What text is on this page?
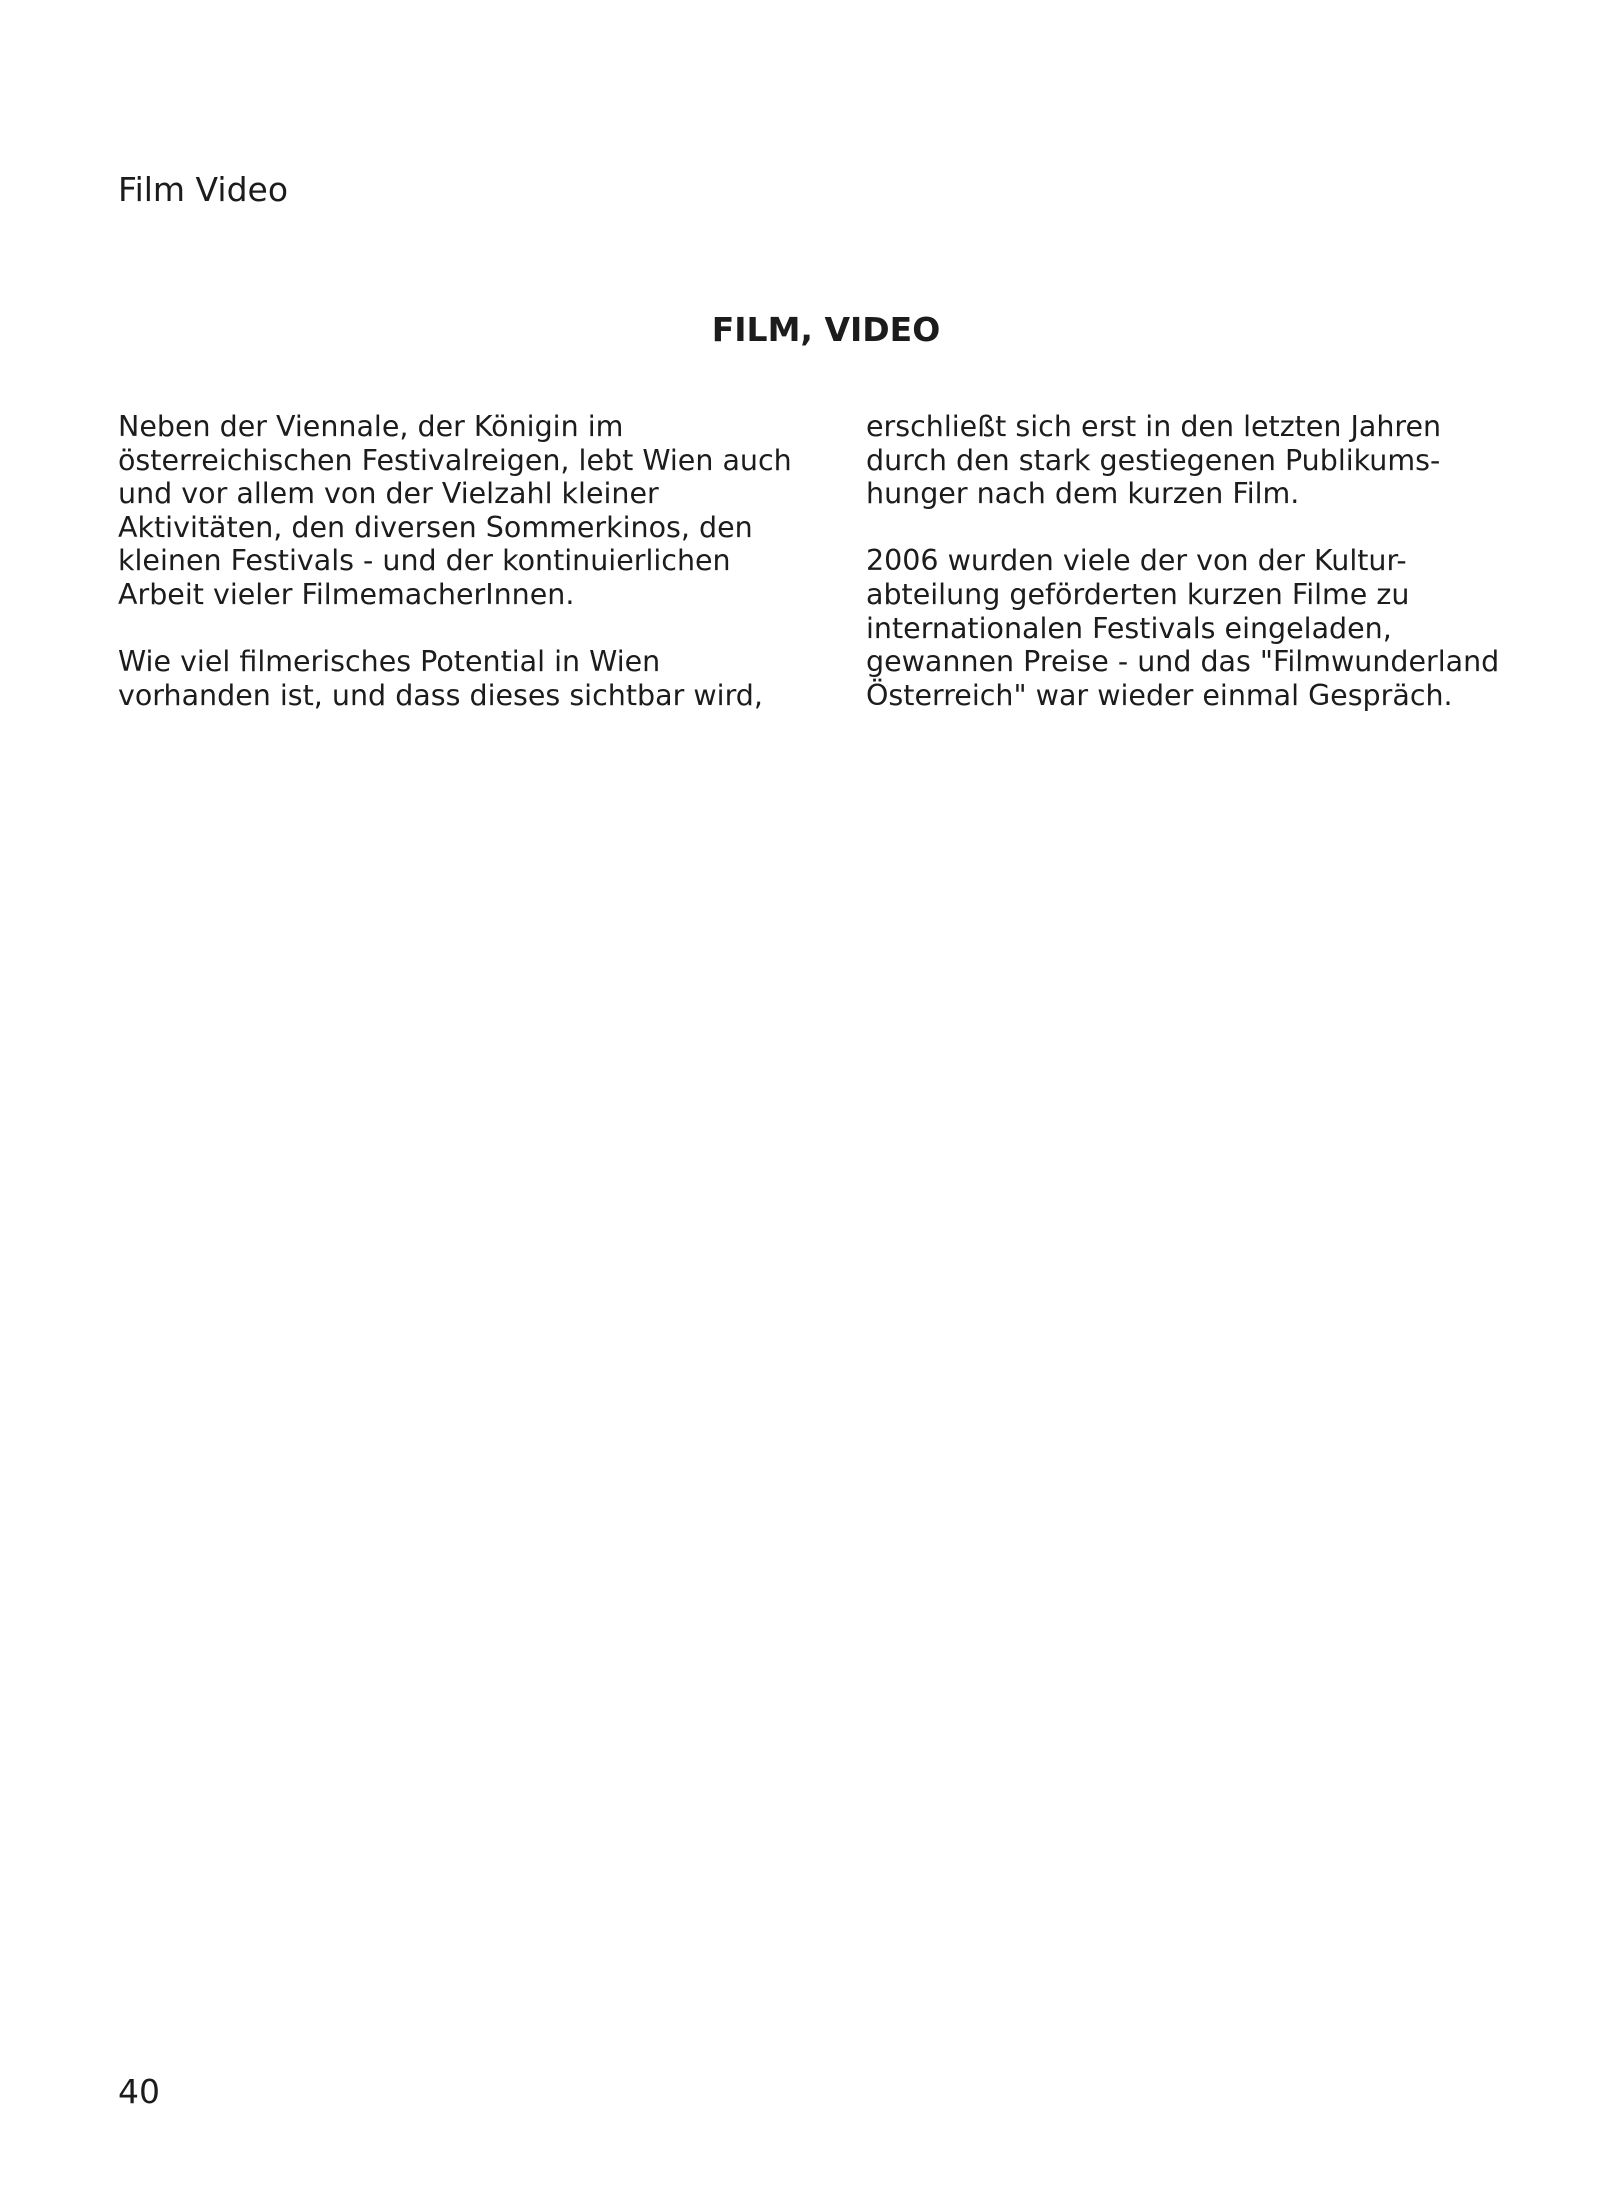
Film Video
FILM, VIDEO
Neben der Viennale, der Königin im
österreichischen Festivalreigen, lebt Wien auch
und vor allem von der Vielzahl kleiner
Aktivitäten, den diversen Sommerkinos, den
kleinen Festivals - und der kontinuierlichen
Arbeit vieler FilmemacherInnen.
Wie viel filmerisches Potential in Wien
vorhanden ist, und dass dieses sichtbar wird,
erschließt sich erst in den letzten Jahren
durch den stark gestiegenen Publikums-
hunger nach dem kurzen Film.
2006 wurden viele der von der Kultur-
abteilung geförderten kurzen Filme zu
internationalen Festivals eingeladen,
gewannen Preise - und das "Filmwunderland
Österreich" war wieder einmal Gespräch.
40
